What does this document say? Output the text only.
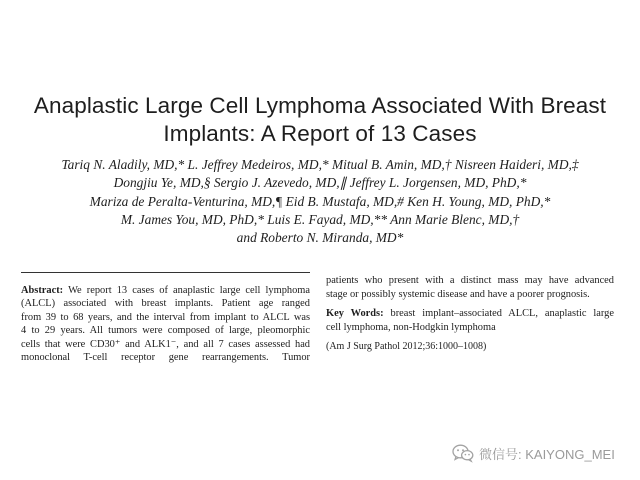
Anaplastic Large Cell Lymphoma Associated With Breast
Implants: A Report of 13 Cases
Tariq N. Aladily, MD,* L. Jeffrey Medeiros, MD,* Mitual B. Amin, MD,† Nisreen Haideri, MD,‡
Dongjiu Ye, MD,§ Sergio J. Azevedo, MD,∥ Jeffrey L. Jorgensen, MD, PhD,*
Mariza de Peralta-Venturina, MD,¶ Eid B. Mustafa, MD,# Ken H. Young, MD, PhD,*
M. James You, MD, PhD,* Luis E. Fayad, MD,** Ann Marie Blenc, MD,†
and Roberto N. Miranda, MD*
Abstract: We report 13 cases of anaplastic large cell lymphoma
(ALCL) associated with breast implants. Patient age ranged
from 39 to 68 years, and the interval from implant to ALCL was
4 to 29 years. All tumors were composed of large, pleomorphic
cells that were CD30⁺ and ALK1⁻, and all 7 cases assessed had
monoclonal T-cell receptor gene rearrangements. Tumor
patients who present with a distinct mass may have advanced
stage or possibly systemic disease and have a poorer prognosis.
Key Words: breast implant–associated ALCL, anaplastic large
cell lymphoma, non-Hodgkin lymphoma
(Am J Surg Pathol 2012;36:1000–1008)
微信号: KAIYONG_MEI
